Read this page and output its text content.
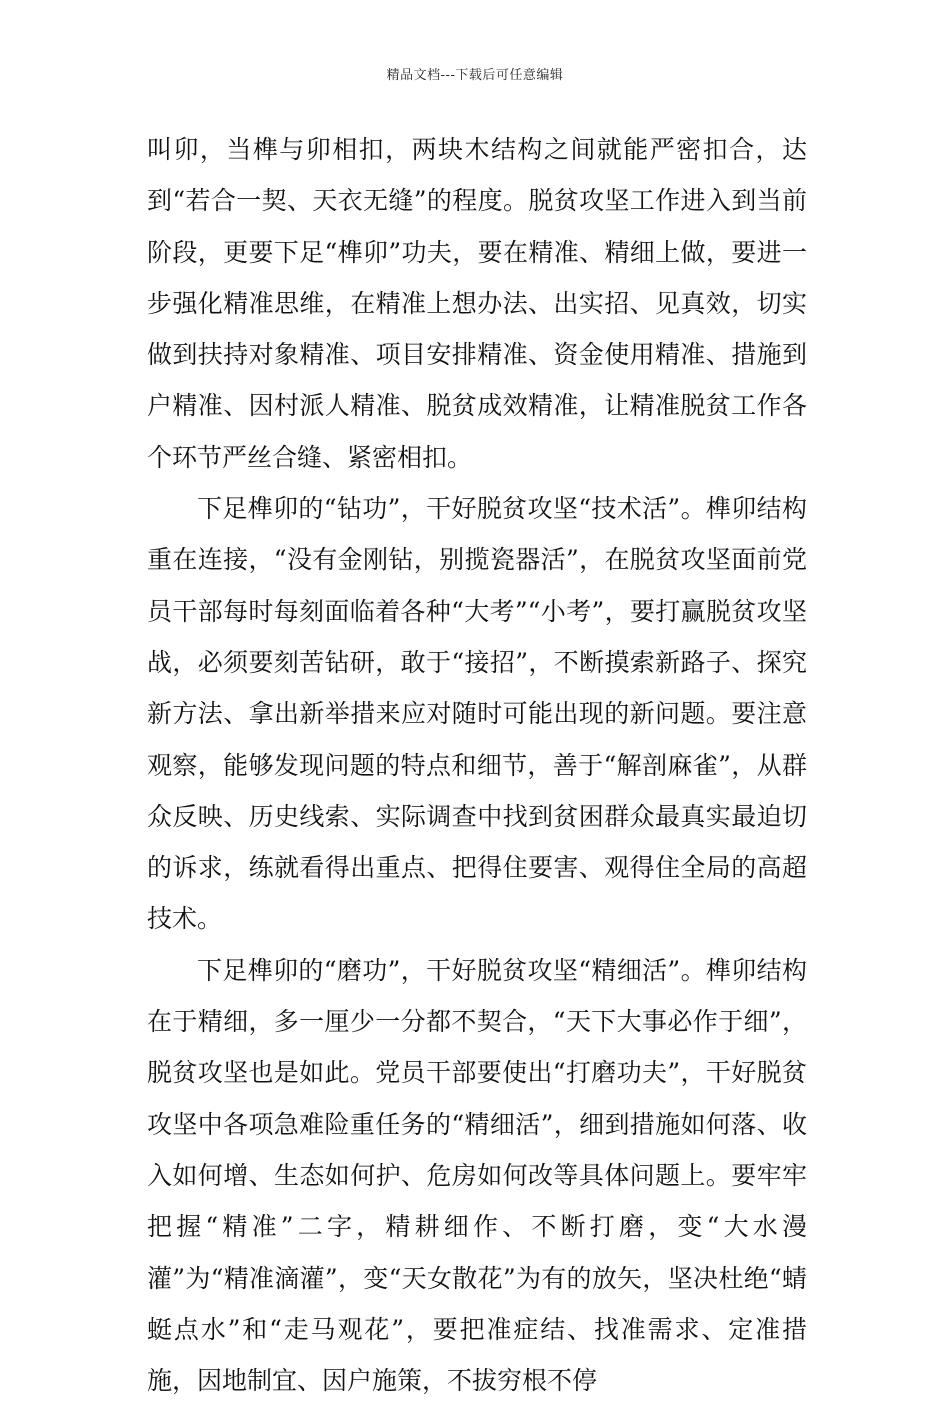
精品文档---下载后可任意编辑

叫卯，当榫与卯相扣，两块木结构之间就能严密扣合，达到“若合一契、天衣无缝”的程度。脱贫攻坚工作进入到当前阶段，更要下足“榫卯”功夫，要在精准、精细上做，要进一步强化精准思维，在精准上想办法、出实招、见真效，切实做到扶持对象精准、项目安排精准、资金使用精准、措施到户精准、因村派人精准、脱贫成效精准，让精准脱贫工作各个环节严丝合缝、紧密相扣。

下足榫卯的“钻功”，干好脱贫攻坚“技术活”。榫卯结构重在连接，“没有金刚钻，别揽瓷器活”，在脱贫攻坚面前党员干部每时每刻面临着各种“大考”“小考”，要打赢脱贫攻坚战，必须要刻苦钻研，敢于“接招”，不断摸索新路子、探究新方法、拿出新举措来应对随时可能出现的新问题。要注意观察，能够发现问题的特点和细节，善于“解剖麻雀”，从群众反映、历史线索、实际调查中找到贫困群众最真实最迫切的诉求，练就看得出重点、把得住要害、观得住全局的高超技术。

下足榫卯的“磨功”，干好脱贫攻坚“精细活”。榫卯结构在于精细，多一厘少一分都不契合，“天下大事必作于细”，脱贫攻坚也是如此。党员干部要使出“打磨功夫”，干好脱贫攻坚中各项急难险重任务的“精细活”，细到措施如何落、收入如何增、生态如何护、危房如何改等具体问题上。要牢牢把握“精准”二字，精耕细作、不断打磨，变“大水漫灌”为“精准滴灌”，变“天女散花”为有的放矢，坚决杜绝“蜻蜓点水”和“走马观花”，要把准症结、找准需求、定准措施，因地制宜、因户施策，不拔穷根不停
